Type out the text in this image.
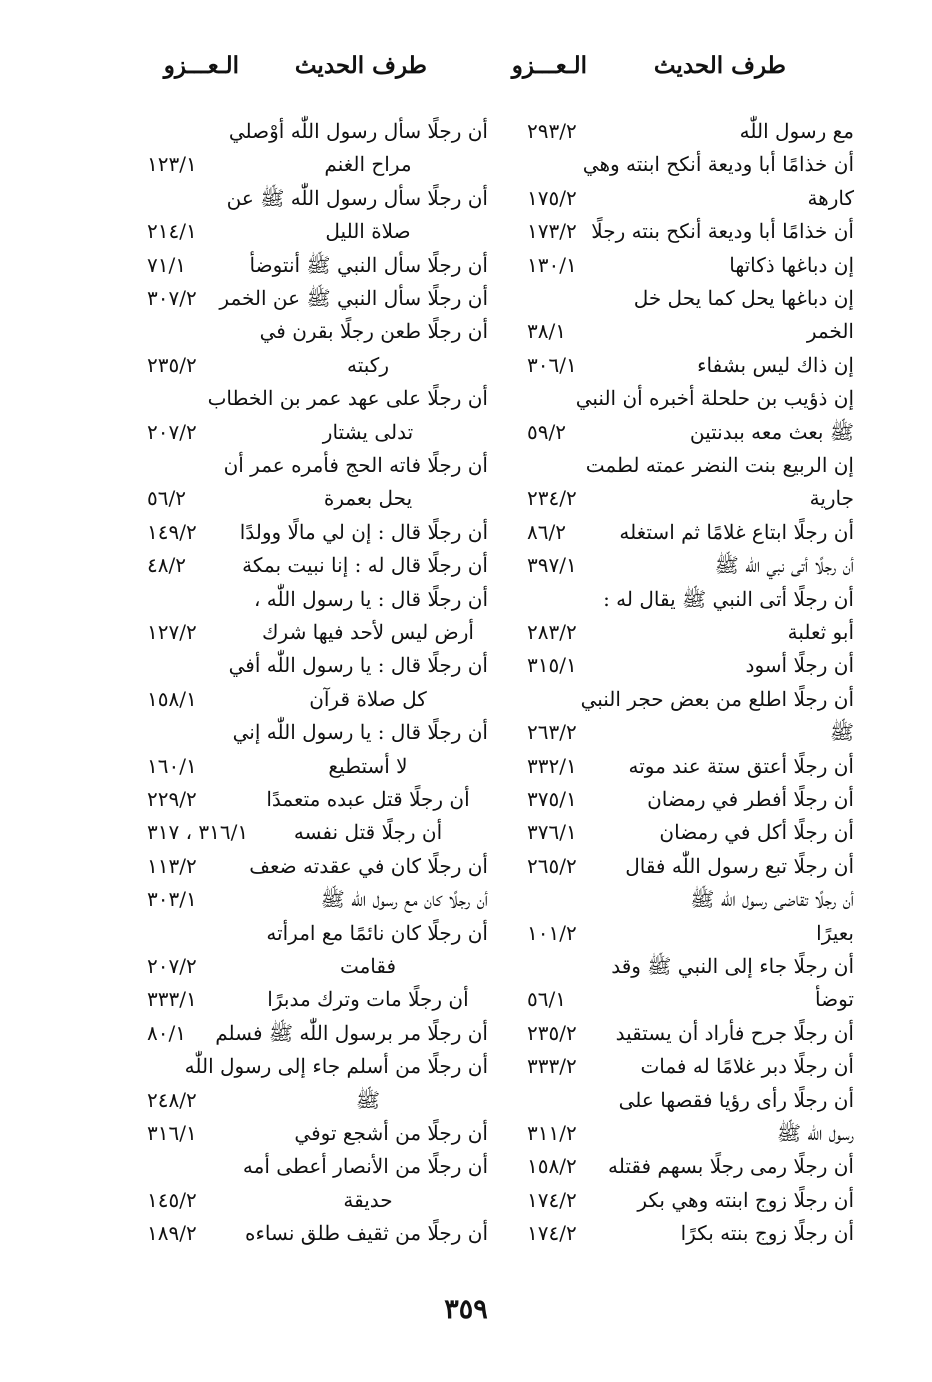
طرف الحديث
الـعـــزو
طرف الحديث
الـعـــزو
مع رسول اللّٰه
٢٩٣/٢
أن خذامًا أبا وديعة أنكح ابنته وهي
كارهة
١٧٥/٢
أن خذامًا أبا وديعة أنكح بنته رجلًا
١٧٣/٢
إن دباغها ذكاتها
١٣٠/١
إن دباغها يحل كما يحل خل
الخمر
٣٨/١
إن ذاك ليس بشفاء
٣٠٦/١
إن ذؤيب بن حلحلة أخبره أن النبي
ﷺ بعث معه ببدنتين
٥٩/٢
إن الربيع بنت النضر عمته لطمت
جارية
٢٣٤/٢
أن رجلًا ابتاع غلامًا ثم استغله
٨٦/٢
أن رجلًا أتى نبي اللّٰه ﷺ
٣٩٧/١
أن رجلًا أتى النبي ﷺ يقال له :
أبو ثعلبة
٢٨٣/٢
أن رجلًا أسود
٣١٥/١
أن رجلًا اطلع من بعض حجر النبي
ﷺ
٢٦٣/٢
أن رجلًا أعتق ستة عند موته
٣٣٢/١
أن رجلًا أفطر في رمضان
٣٧٥/١
أن رجلًا أكل في رمضان
٣٧٦/١
أن رجلًا تبع رسول اللّٰه فقال
٢٦٥/٢
أن رجلًا تقاضى رسول اللّٰه ﷺ
بعيرًا
١٠١/٢
أن رجلًا جاء إلى النبي ﷺ وقد
توضأ
٥٦/١
أن رجلًا جرح فأراد أن يستقيد
٢٣٥/٢
أن رجلًا دبر غلامًا له فمات
٣٣٣/٢
أن رجلًا رأى رؤيا فقصها على
رسول اللّٰه ﷺ
٣١١/٢
أن رجلًا رمى رجلًا بسهم فقتله
١٥٨/٢
أن رجلًا زوج ابنته وهي بكر
١٧٤/٢
أن رجلًا زوج بنته بكرًا
١٧٤/٢
أن رجلًا سأل رسول اللّٰه أوْصلي
مراح الغنم
١٢٣/١
أن رجلًا سأل رسول اللّٰه ﷺ عن
صلاة الليل
٢١٤/١
أن رجلًا سأل النبي ﷺ أنتوضأ
٧١/١
أن رجلًا سأل النبي ﷺ عن الخمر
٣٠٧/٢
أن رجلًا طعن رجلًا بقرن في
ركبته
٢٣٥/٢
أن رجلًا على عهد عمر بن الخطاب
تدلى يشتار
٢٠٧/٢
أن رجلًا فاته الحج فأمره عمر أن
يحل بعمرة
٥٦/٢
أن رجلًا قال : إن لي مالًا وولدًا
١٤٩/٢
أن رجلًا قال له : إنا نبيت بمكة
٤٨/٢
أن رجلًا قال : يا رسول اللّٰه ،
أرض ليس لأحد فيها شرك
١٢٧/٢
أن رجلًا قال : يا رسول اللّٰه أفي
كل صلاة قرآن
١٥٨/١
أن رجلًا قال : يا رسول اللّٰه إني
لا أستطيع
١٦٠/١
أن رجلًا قتل عبده متعمدًا
٢٢٩/٢
أن رجلًا قتل نفسه
٣١٦/١ ، ٣١٧
أن رجلًا كان في عقدته ضعف
١١٣/٢
أن رجلًا كان مع رسول اللّٰه ﷺ
٣٠٣/١
أن رجلًا كان نائمًا مع امرأته
فقامت
٢٠٧/٢
أن رجلًا مات وترك مدبرًا
٣٣٣/١
أن رجلًا مر برسول اللّٰه ﷺ فسلم
٨٠/١
أن رجلًا من أسلم جاء إلى رسول اللّٰه
ﷺ
٢٤٨/٢
أن رجلًا من أشجع توفي
٣١٦/١
أن رجلًا من الأنصار أعطى أمه
حديقة
١٤٥/٢
أن رجلًا من ثقيف طلق نساءه
١٨٩/٢
٣٥٩
